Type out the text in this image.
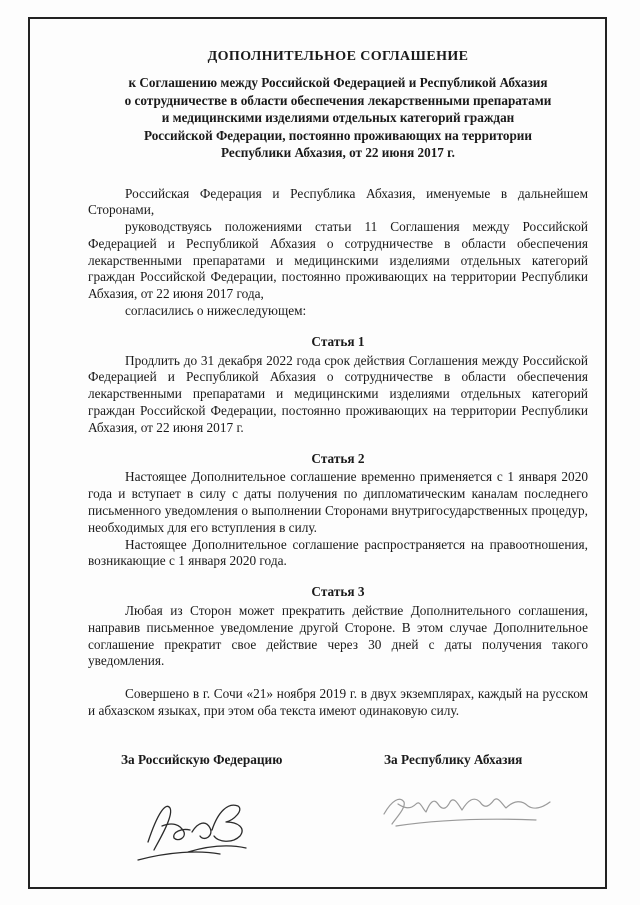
ДОПОЛНИТЕЛЬНОЕ СОГЛАШЕНИЕ
к Соглашению между Российской Федерацией и Республикой Абхазия
о сотрудничестве в области обеспечения лекарственными препаратами
и медицинскими изделиями отдельных категорий граждан
Российской Федерации, постоянно проживающих на территории
Республики Абхазия, от 22 июня 2017 г.

Российская Федерация и Республика Абхазия, именуемые в дальнейшем Сторонами,

руководствуясь положениями статьи 11 Соглашения между Российской Федерацией и Республикой Абхазия о сотрудничестве в области обеспечения лекарственными препаратами и медицинскими изделиями отдельных категорий граждан Российской Федерации, постоянно проживающих на территории Республики Абхазия, от 22 июня 2017 года,

согласились о нижеследующем:

Статья 1

Продлить до 31 декабря 2022 года срок действия Соглашения между Российской Федерацией и Республикой Абхазия о сотрудничестве в области обеспечения лекарственными препаратами и медицинскими изделиями отдельных категорий граждан Российской Федерации, постоянно проживающих на территории Республики Абхазия, от 22 июня 2017 г.

Статья 2

Настоящее Дополнительное соглашение временно применяется с 1 января 2020 года и вступает в силу с даты получения по дипломатическим каналам последнего письменного уведомления о выполнении Сторонами внутригосударственных процедур, необходимых для его вступления в силу.

Настоящее Дополнительное соглашение распространяется на правоотношения, возникающие с 1 января 2020 года.

Статья 3

Любая из Сторон может прекратить действие Дополнительного соглашения, направив письменное уведомление другой Стороне. В этом случае Дополнительное соглашение прекратит свое действие через 30 дней с даты получения такого уведомления.

Совершено в г. Сочи «21» ноября 2019 г. в двух экземплярах, каждый на русском и абхазском языках, при этом оба текста имеют одинаковую силу.

За Российскую Федерацию	За Республику Абхазия
